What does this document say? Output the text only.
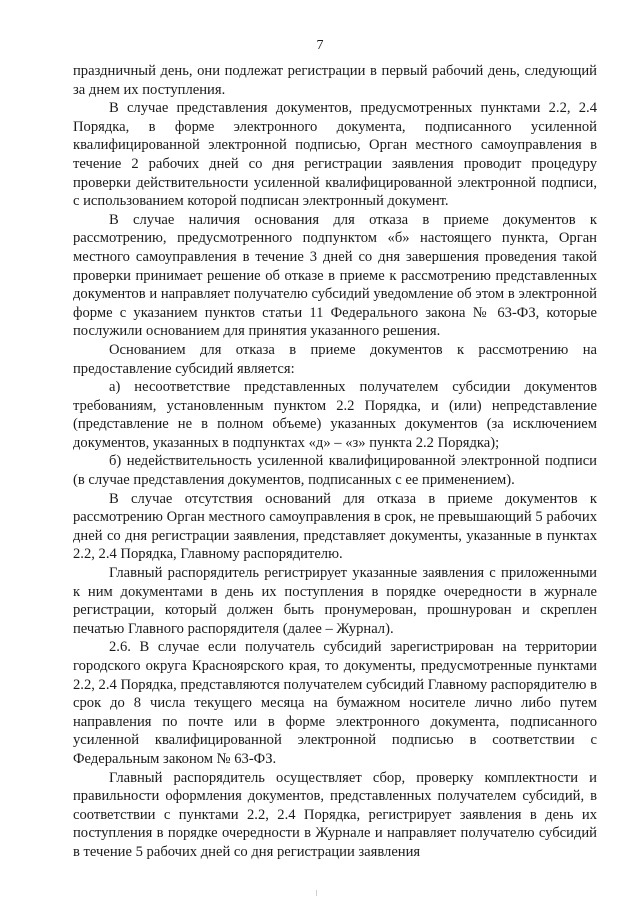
7

праздничный день, они подлежат регистрации в первый рабочий день, следующий за днем их поступления.

В случае представления документов, предусмотренных пунктами 2.2, 2.4 Порядка, в форме электронного документа, подписанного усиленной квалифицированной электронной подписью, Орган местного самоуправления в течение 2 рабочих дней со дня регистрации заявления проводит процедуру проверки действительности усиленной квалифицированной электронной подписи, с использованием которой подписан электронный документ.

В случае наличия основания для отказа в приеме документов к рассмотрению, предусмотренного подпунктом «б» настоящего пункта, Орган местного самоуправления в течение 3 дней со дня завершения проведения такой проверки принимает решение об отказе в приеме к рассмотрению представленных документов и направляет получателю субсидий уведомление об этом в электронной форме с указанием пунктов статьи 11 Федерального закона № 63-ФЗ, которые послужили основанием для принятия указанного решения.

Основанием для отказа в приеме документов к рассмотрению на предоставление субсидий является:

а) несоответствие представленных получателем субсидии документов требованиям, установленным пунктом 2.2 Порядка, и (или) непредставление (представление не в полном объеме) указанных документов (за исключением документов, указанных в подпунктах «д» – «з» пункта 2.2 Порядка);

б) недействительность усиленной квалифицированной электронной подписи (в случае представления документов, подписанных с ее применением).

В случае отсутствия оснований для отказа в приеме документов к рассмотрению Орган местного самоуправления в срок, не превышающий 5 рабочих дней со дня регистрации заявления, представляет документы, указанные в пунктах 2.2, 2.4 Порядка, Главному распорядителю.

Главный распорядитель регистрирует указанные заявления с приложенными к ним документами в день их поступления в порядке очередности в журнале регистрации, который должен быть пронумерован, прошнурован и скреплен печатью Главного распорядителя (далее – Журнал).

2.6. В случае если получатель субсидий зарегистрирован на территории городского округа Красноярского края, то документы, предусмотренные пунктами 2.2, 2.4 Порядка, представляются получателем субсидий Главному распорядителю в срок до 8 числа текущего месяца на бумажном носителе лично либо путем направления по почте или в форме электронного документа, подписанного усиленной квалифицированной электронной подписью в соответствии с Федеральным законом № 63-ФЗ.

Главный распорядитель осуществляет сбор, проверку комплектности и правильности оформления документов, представленных получателем субсидий, в соответствии с пунктами 2.2, 2.4 Порядка, регистрирует заявления в день их поступления в порядке очередности в Журнале и направляет получателю субсидий в течение 5 рабочих дней со дня регистрации заявления
